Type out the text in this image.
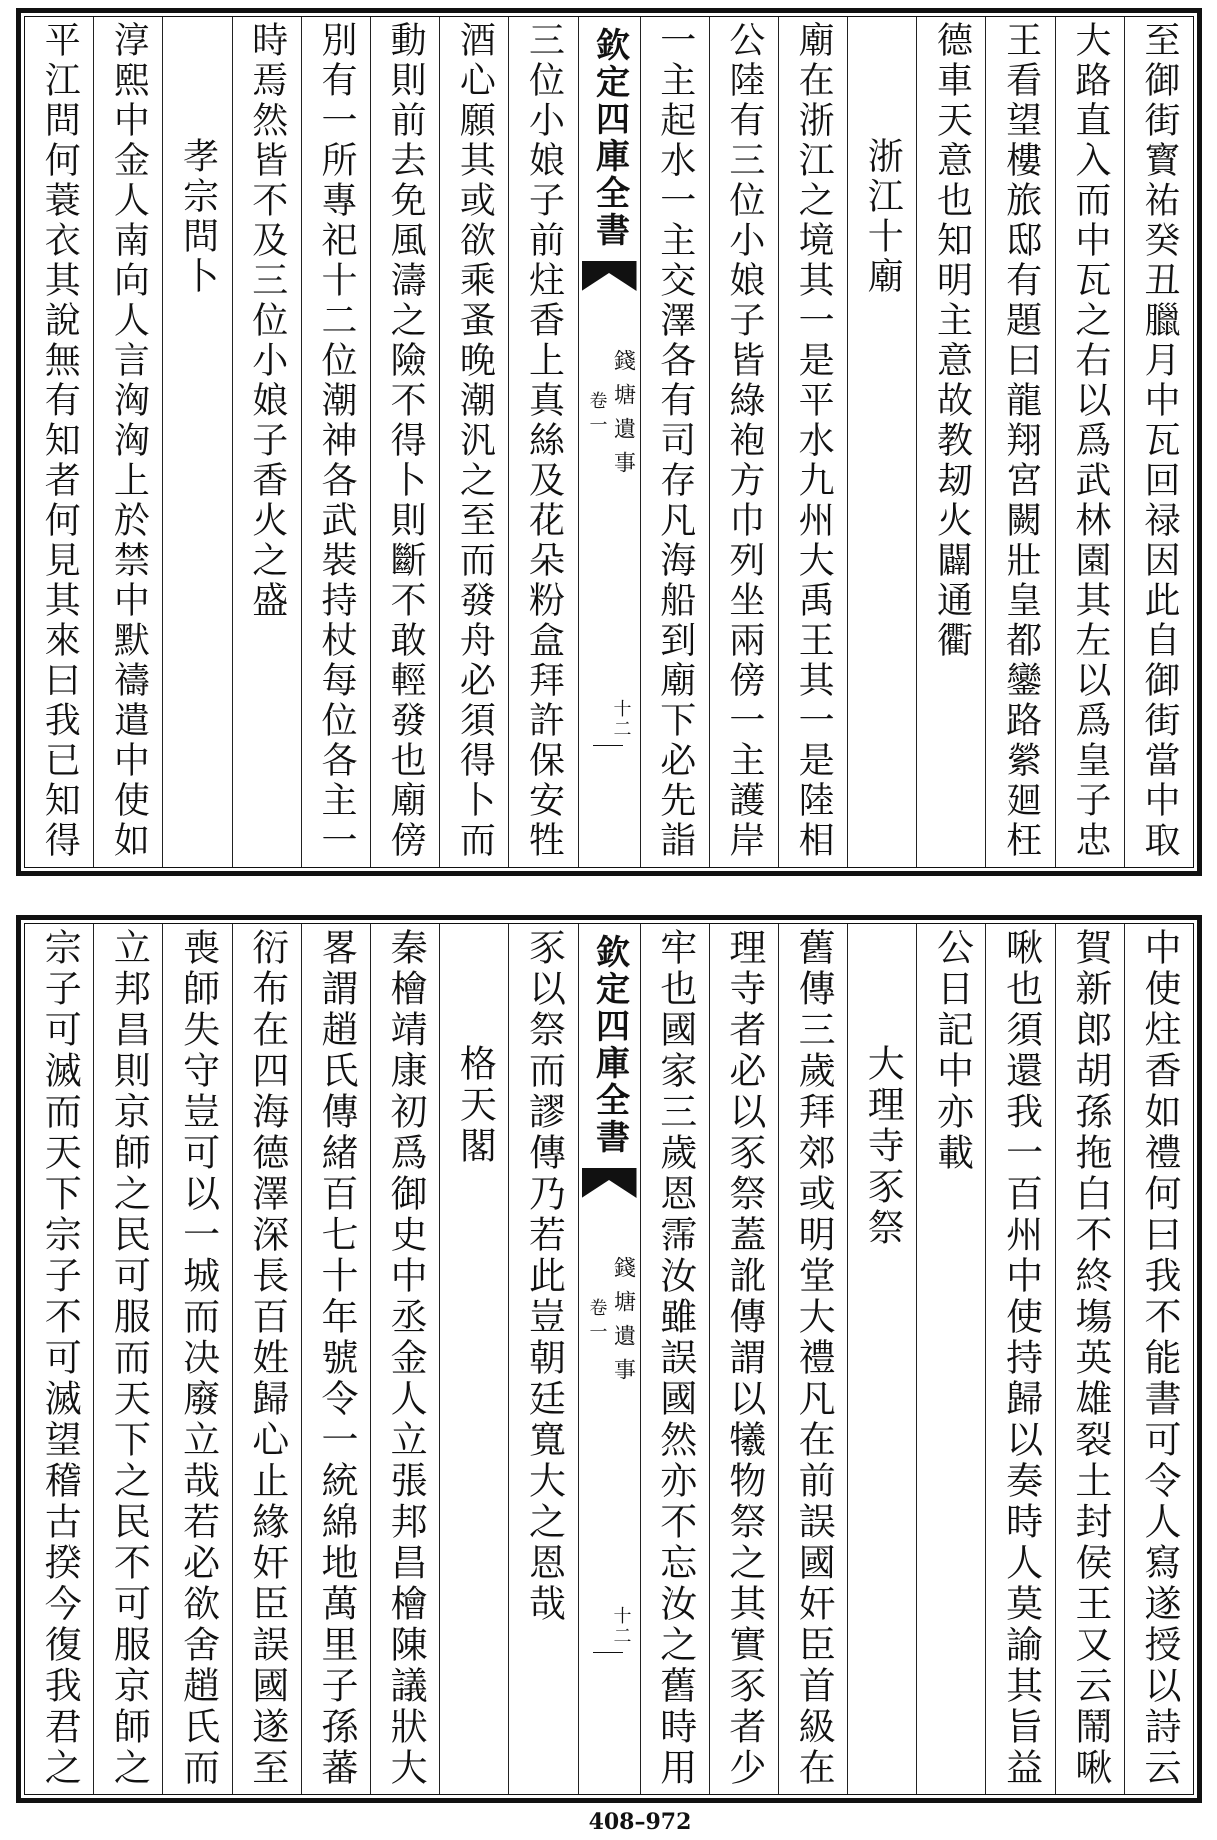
至御街寳祐癸丑臘月中瓦回禄因此自御街當中取
大路直入而中瓦之右以爲武林園其左以爲皇子忠
王看望樓旅邸有題曰龍翔宮闕壯皇都鑾路縈廻枉
德車天意也知明主意故教刼火闢通衢
浙江十廟
廟在浙江之境其一是平水九州大禹王其一是陸相
公陸有三位小娘子皆綠袍方巾列坐兩傍一主護岸
一主起水一主交澤各有司存凡海船到廟下必先詣
欽定四庫全書
錢塘遺事
卷一
十二
三位小娘子前炷香上真絲及花朵粉盒拜許保安牲
酒心願其或欲乘蚤晚潮汎之至而發舟必須得卜而
動則前去免風濤之險不得卜則斷不敢輕發也廟傍
別有一所專祀十二位潮神各武裝持杖每位各主一
時焉然皆不及三位小娘子香火之盛
孝宗問卜
淳熙中金人南向人言洶洶上於禁中默禱遣中使如
平江問何蓑衣其說無有知者何見其來曰我已知得
中使炷香如禮何曰我不能書可令人寫遂授以詩云
賀新郎胡孫拖白不終塲英雄裂土封侯王又云鬧啾
啾也須還我一百州中使持歸以奏時人莫諭其旨益
公日記中亦載
大理寺豕祭
舊傳三歲拜郊或明堂大禮凡在前誤國奸臣首級在
理寺者必以豕祭蓋訛傳謂以犧物祭之其實豕者少
牢也國家三歲恩霈汝雖誤國然亦不忘汝之舊時用
欽定四庫全書
錢塘遺事
卷一
十二
豕以祭而謬傳乃若此豈朝廷寬大之恩哉
格天閣
秦檜靖康初爲御史中丞金人立張邦昌檜陳議狀大
畧謂趙氏傳緒百七十年號令一統綿地萬里子孫蕃
衍布在四海德澤深長百姓歸心止緣奸臣誤國遂至
喪師失守豈可以一城而决廢立哉若必欲舍趙氏而
立邦昌則京師之民可服而天下之民不可服京師之
宗子可滅而天下宗子不可滅望稽古揆今復我君之
408–972
